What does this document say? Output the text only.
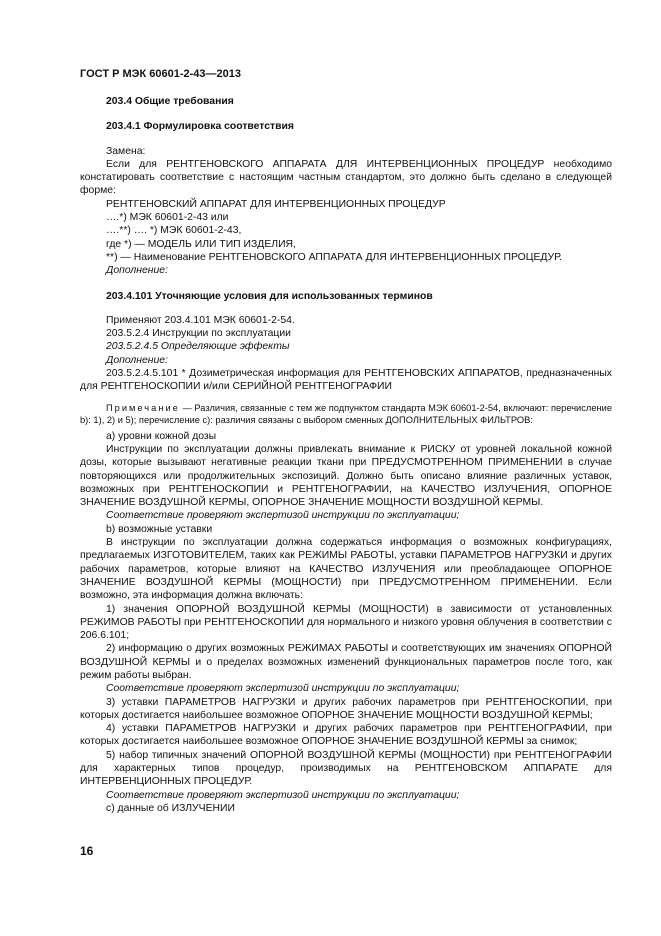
ГОСТ Р МЭК 60601-2-43—2013

203.4 Общие требования

203.4.1 Формулировка соответствия

Замена:

Если для РЕНТГЕНОВСКОГО АППАРАТА ДЛЯ ИНТЕРВЕНЦИОННЫХ ПРОЦЕДУР необходимо констатировать соответствие с настоящим частным стандартом, это должно быть сделано в следующей форме:

РЕНТГЕНОВСКИЙ АППАРАТ ДЛЯ ИНТЕРВЕНЦИОННЫХ ПРОЦЕДУР

….*) МЭК 60601-2-43 или

….**) …. *) МЭК 60601-2-43,

где *) — МОДЕЛЬ ИЛИ ТИП ИЗДЕЛИЯ,

**) — Наименование РЕНТГЕНОВСКОГО АППАРАТА ДЛЯ ИНТЕРВЕНЦИОННЫХ ПРОЦЕДУР.

Дополнение:

203.4.101 Уточняющие условия для использованных терминов

Применяют 203.4.101 МЭК 60601-2-54.

203.5.2.4 Инструкции по эксплуатации

203.5.2.4.5 Определяющие эффекты

Дополнение:

203.5.2.4.5.101 * Дозиметрическая информация для РЕНТГЕНОВСКИХ АППАРАТОВ, предназначенных для РЕНТГЕНОСКОПИИ и/или СЕРИЙНОЙ РЕНТГЕНОГРАФИИ

Примечание — Различия, связанные с тем же подпунктом стандарта МЭК 60601-2-54, включают: перечисление b): 1), 2) и 5); перечисление c): различия связаны с выбором сменных ДОПОЛНИТЕЛЬНЫХ ФИЛЬТРОВ:

а) уровни кожной дозы

Инструкции по эксплуатации должны привлекать внимание к РИСКУ от уровней локальной кожной дозы, которые вызывают негативные реакции ткани при ПРЕДУСМОТРЕННОМ ПРИМЕНЕНИИ в случае повторяющихся или продолжительных экспозиций. Должно быть описано влияние различных уставок, возможных при РЕНТГЕНОСКОПИИ и РЕНТГЕНОГРАФИИ, на КАЧЕСТВО ИЗЛУЧЕНИЯ, ОПОРНОЕ ЗНАЧЕНИЕ ВОЗДУШНОЙ КЕРМЫ, ОПОРНОЕ ЗНАЧЕНИЕ МОЩНОСТИ ВОЗДУШНОЙ КЕРМЫ.

Соответствие проверяют экспертизой инструкции по эксплуатации;

b) возможные уставки

В инструкции по эксплуатации должна содержаться информация о возможных конфигурациях, предлагаемых ИЗГОТОВИТЕЛЕМ, таких как РЕЖИМЫ РАБОТЫ, уставки ПАРАМЕТРОВ НАГРУЗКИ и других рабочих параметров, которые влияют на КАЧЕСТВО ИЗЛУЧЕНИЯ или преобладающее ОПОРНОЕ ЗНАЧЕНИЕ ВОЗДУШНОЙ КЕРМЫ (МОЩНОСТИ) при ПРЕДУСМОТРЕННОМ ПРИМЕНЕНИИ. Если возможно, эта информация должна включать:

1) значения ОПОРНОЙ ВОЗДУШНОЙ КЕРМЫ (МОЩНОСТИ) в зависимости от установленных РЕЖИМОВ РАБОТЫ при РЕНТГЕНОСКОПИИ для нормального и низкого уровня облучения в соответствии с 206.6.101;

2) информацию о других возможных РЕЖИМАХ РАБОТЫ и соответствующих им значениях ОПОРНОЙ ВОЗДУШНОЙ КЕРМЫ и о пределах возможных изменений функциональных параметров после того, как режим работы выбран.

Соответствие проверяют экспертизой инструкции по эксплуатации;

3) уставки ПАРАМЕТРОВ НАГРУЗКИ и других рабочих параметров при РЕНТГЕНОСКОПИИ, при которых достигается наибольшее возможное ОПОРНОЕ ЗНАЧЕНИЕ МОЩНОСТИ ВОЗДУШНОЙ КЕРМЫ;

4) уставки ПАРАМЕТРОВ НАГРУЗКИ и других рабочих параметров при РЕНТГЕНОГРАФИИ, при которых достигается наибольшее возможное ОПОРНОЕ ЗНАЧЕНИЕ ВОЗДУШНОЙ КЕРМЫ за снимок;

5) набор типичных значений ОПОРНОЙ ВОЗДУШНОЙ КЕРМЫ (МОЩНОСТИ) при РЕНТГЕНОГРАФИИ для характерных типов процедур, производимых на РЕНТГЕНОВСКОМ АППАРАТЕ для ИНТЕРВЕНЦИОННЫХ ПРОЦЕДУР.

Соответствие проверяют экспертизой инструкции по эксплуатации;

c) данные об ИЗЛУЧЕНИИ

16
